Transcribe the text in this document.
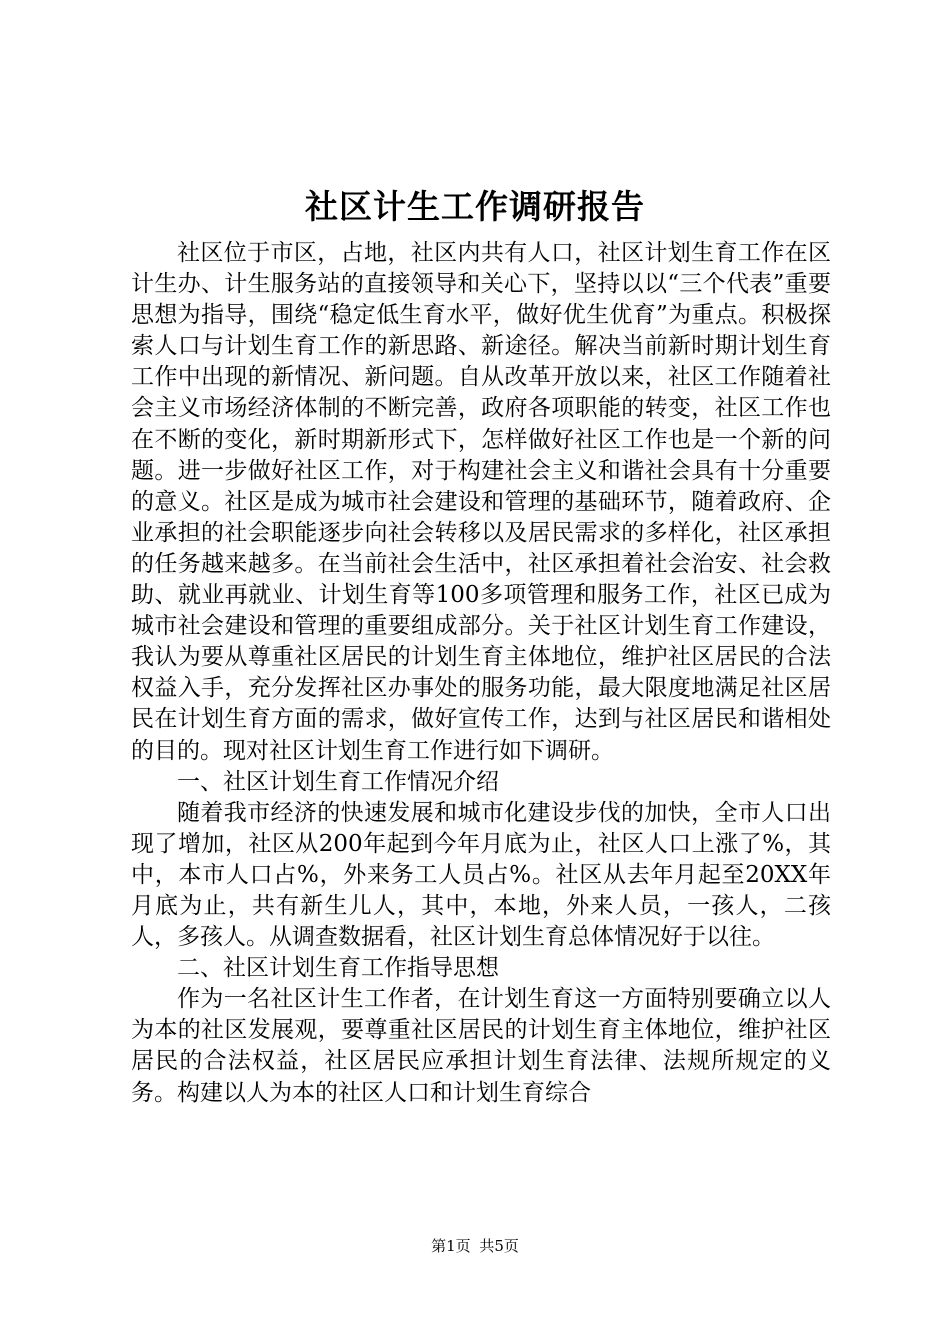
社区计生工作调研报告

社区位于市区，占地，社区内共有人口，社区计划生育工作在区计生办、计生服务站的直接领导和关心下，坚持以以“三个代表”重要思想为指导，围绕“稳定低生育水平，做好优生优育”为重点。积极探索人口与计划生育工作的新思路、新途径。解决当前新时期计划生育工作中出现的新情况、新问题。自从改革开放以来，社区工作随着社会主义市场经济体制的不断完善，政府各项职能的转变，社区工作也在不断的变化，新时期新形式下，怎样做好社区工作也是一个新的问题。进一步做好社区工作，对于构建社会主义和谐社会具有十分重要的意义。社区是成为城市社会建设和管理的基础环节，随着政府、企业承担的社会职能逐步向社会转移以及居民需求的多样化，社区承担的任务越来越多。在当前社会生活中，社区承担着社会治安、社会救助、就业再就业、计划生育等100多项管理和服务工作，社区已成为城市社会建设和管理的重要组成部分。关于社区计划生育工作建设，我认为要从尊重社区居民的计划生育主体地位，维护社区居民的合法权益入手，充分发挥社区办事处的服务功能，最大限度地满足社区居民在计划生育方面的需求，做好宣传工作，达到与社区居民和谐相处的目的。现对社区计划生育工作进行如下调研。

一、社区计划生育工作情况介绍

随着我市经济的快速发展和城市化建设步伐的加快，全市人口出现了增加，社区从200年起到今年月底为止，社区人口上涨了%，其中，本市人口占%，外来务工人员占%。社区从去年月起至20XX年月底为止，共有新生儿人，其中，本地，外来人员，一孩人，二孩人，多孩人。从调查数据看，社区计划生育总体情况好于以往。

二、社区计划生育工作指导思想

作为一名社区计生工作者，在计划生育这一方面特别要确立以人为本的社区发展观，要尊重社区居民的计划生育主体地位，维护社区居民的合法权益，社区居民应承担计划生育法律、法规所规定的义务。构建以人为本的社区人口和计划生育综合

第1页 共5页
